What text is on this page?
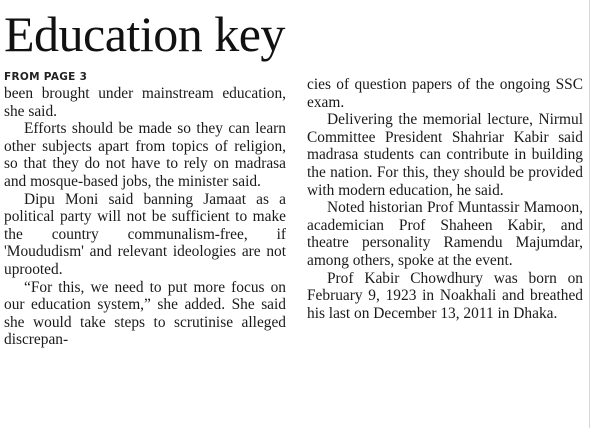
Education key
FROM PAGE 3
been brought under mainstream education, she said.
Efforts should be made so they can learn other subjects apart from topics of religion, so that they do not have to rely on madrasa and mosque-based jobs, the minister said.
Dipu Moni said banning Jamaat as a political party will not be sufficient to make the country communalism-free, if 'Moududism' and relevant ideologies are not uprooted.
“For this, we need to put more focus on our education system,” she added. She said she would take steps to scrutinise alleged discrepan-
cies of question papers of the ongoing SSC exam.
Delivering the memorial lecture, Nirmul Committee President Shahriar Kabir said madrasa students can contribute in building the nation. For this, they should be provided with modern education, he said.
Noted historian Prof Muntassir Mamoon, academician Prof Shaheen Kabir, and theatre personality Ramendu Majumdar, among others, spoke at the event.
Prof Kabir Chowdhury was born on February 9, 1923 in Noakhali and breathed his last on December 13, 2011 in Dhaka.
